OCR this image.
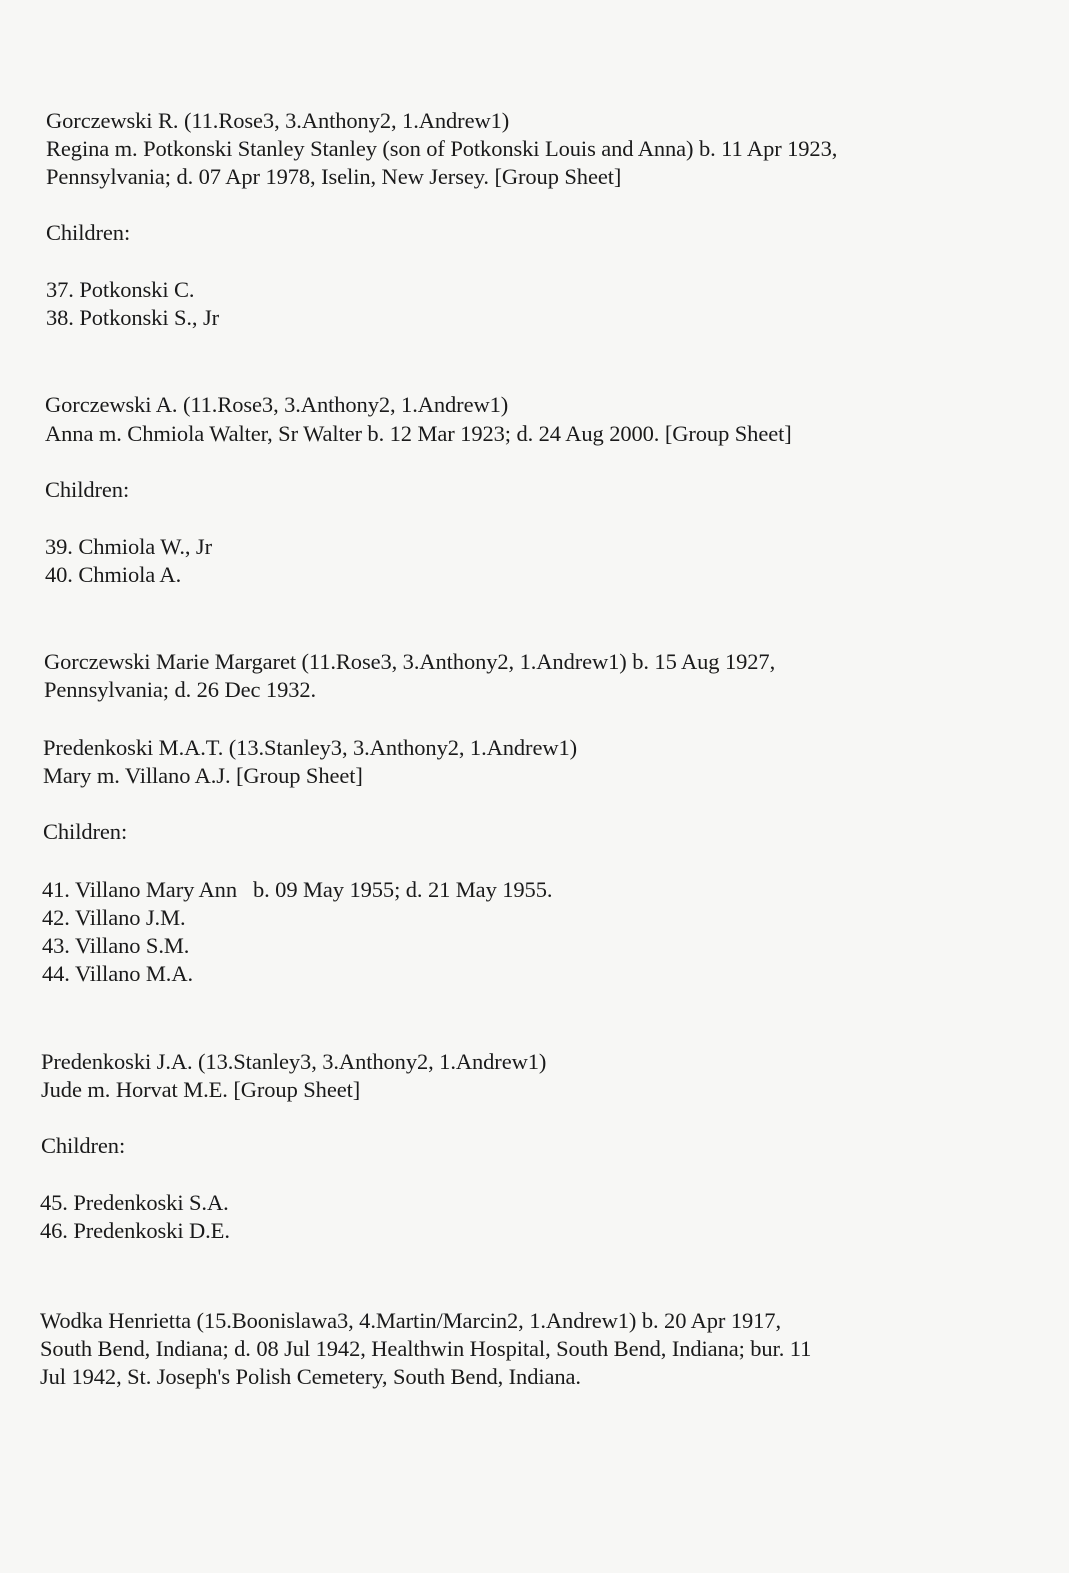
Gorczewski R. (11.Rose3, 3.Anthony2, 1.Andrew1)
Regina m. Potkonski Stanley Stanley (son of Potkonski Louis and Anna) b. 11 Apr 1923,
Pennsylvania; d. 07 Apr 1978, Iselin, New Jersey. [Group Sheet]
Children:
37. Potkonski C.
38. Potkonski S., Jr
Gorczewski A. (11.Rose3, 3.Anthony2, 1.Andrew1)
Anna m. Chmiola Walter, Sr Walter b. 12 Mar 1923; d. 24 Aug 2000. [Group Sheet]
Children:
39. Chmiola W., Jr
40. Chmiola A.
Gorczewski Marie Margaret (11.Rose3, 3.Anthony2, 1.Andrew1) b. 15 Aug 1927,
Pennsylvania; d. 26 Dec 1932.
Predenkoski M.A.T. (13.Stanley3, 3.Anthony2, 1.Andrew1)
Mary m. Villano A.J. [Group Sheet]
Children:
41. Villano Mary Ann b. 09 May 1955; d. 21 May 1955.
42. Villano J.M.
43. Villano S.M.
44. Villano M.A.
Predenkoski J.A. (13.Stanley3, 3.Anthony2, 1.Andrew1)
Jude m. Horvat M.E. [Group Sheet]
Children:
45. Predenkoski S.A.
46. Predenkoski D.E.
Wodka Henrietta (15.Boonislawa3, 4.Martin/Marcin2, 1.Andrew1) b. 20 Apr 1917,
South Bend, Indiana; d. 08 Jul 1942, Healthwin Hospital, South Bend, Indiana; bur. 11
Jul 1942, St. Joseph's Polish Cemetery, South Bend, Indiana.
